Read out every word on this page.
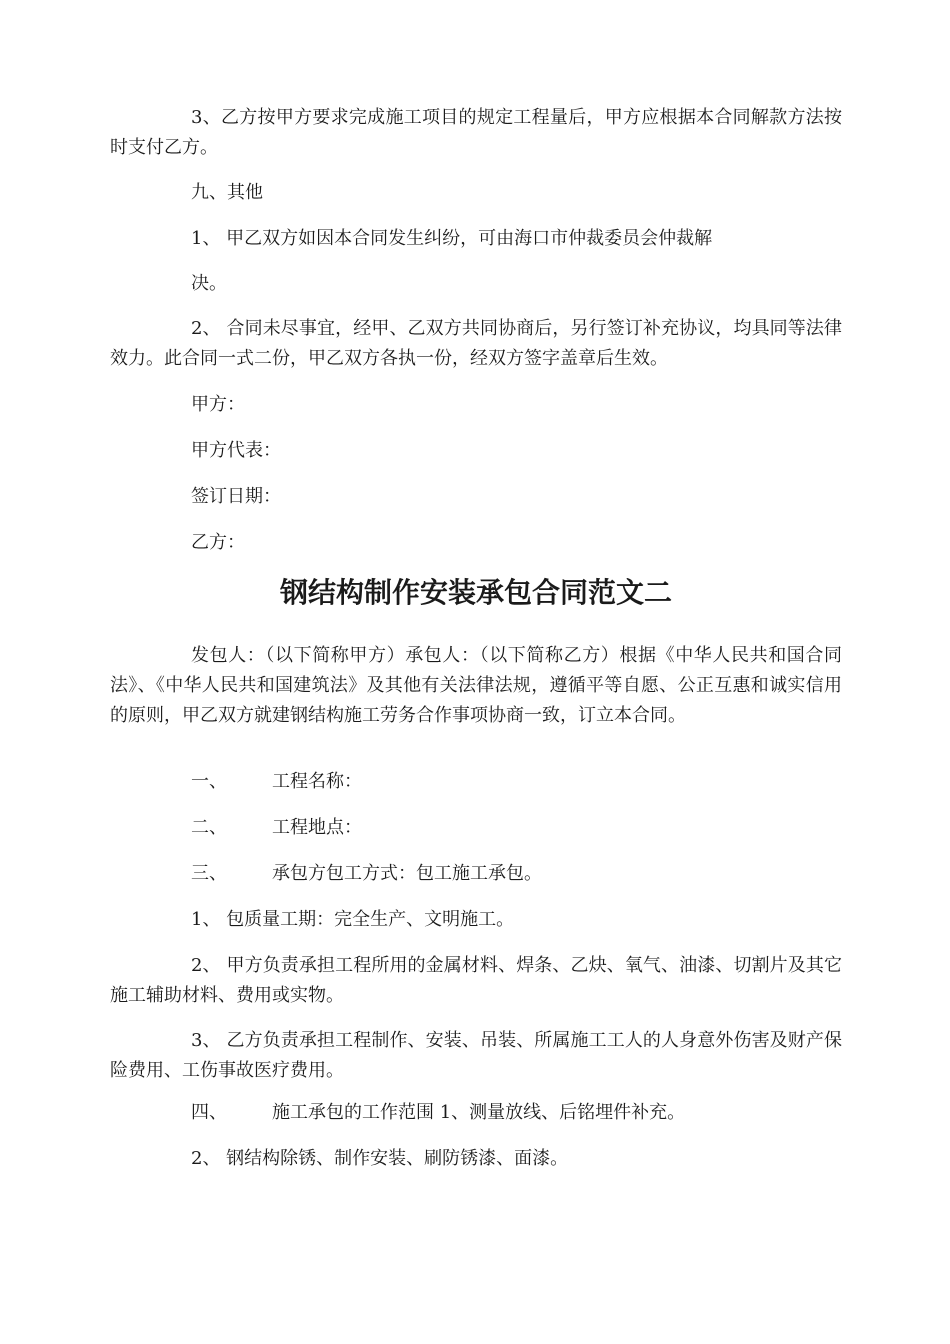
3、乙方按甲方要求完成施工项目的规定工程量后，甲方应根据本合同解款方法按时支付乙方。

九、其他

1、 甲乙双方如因本合同发生纠纷，可由海口市仲裁委员会仲裁解

决。

2、 合同未尽事宜，经甲、乙双方共同协商后，另行签订补充协议，均具同等法律效力。此合同一式二份，甲乙双方各执一份，经双方签字盖章后生效。

甲方：

甲方代表：

签订日期：

乙方：

钢结构制作安装承包合同范文二

发包人：（以下简称甲方）承包人：（以下简称乙方）根据《中华人民共和国合同法》、《中华人民共和国建筑法》及其他有关法律法规，遵循平等自愿、公正互惠和诚实信用的原则，甲乙双方就建钢结构施工劳务合作事项协商一致，订立本合同。

一、	工程名称：
二、	工程地点：
三、	承包方包工方式：包工施工承包。

1、 包质量工期：完全生产、文明施工。

2、 甲方负责承担工程所用的金属材料、焊条、乙炔、氧气、油漆、切割片及其它施工辅助材料、费用或实物。

3、 乙方负责承担工程制作、安装、吊装、所属施工工人的人身意外伤害及财产保险费用、工伤事故医疗费用。

四、	施工承包的工作范围 1、测量放线、后铭埋件补充。

2、 钢结构除锈、制作安装、刷防锈漆、面漆。
